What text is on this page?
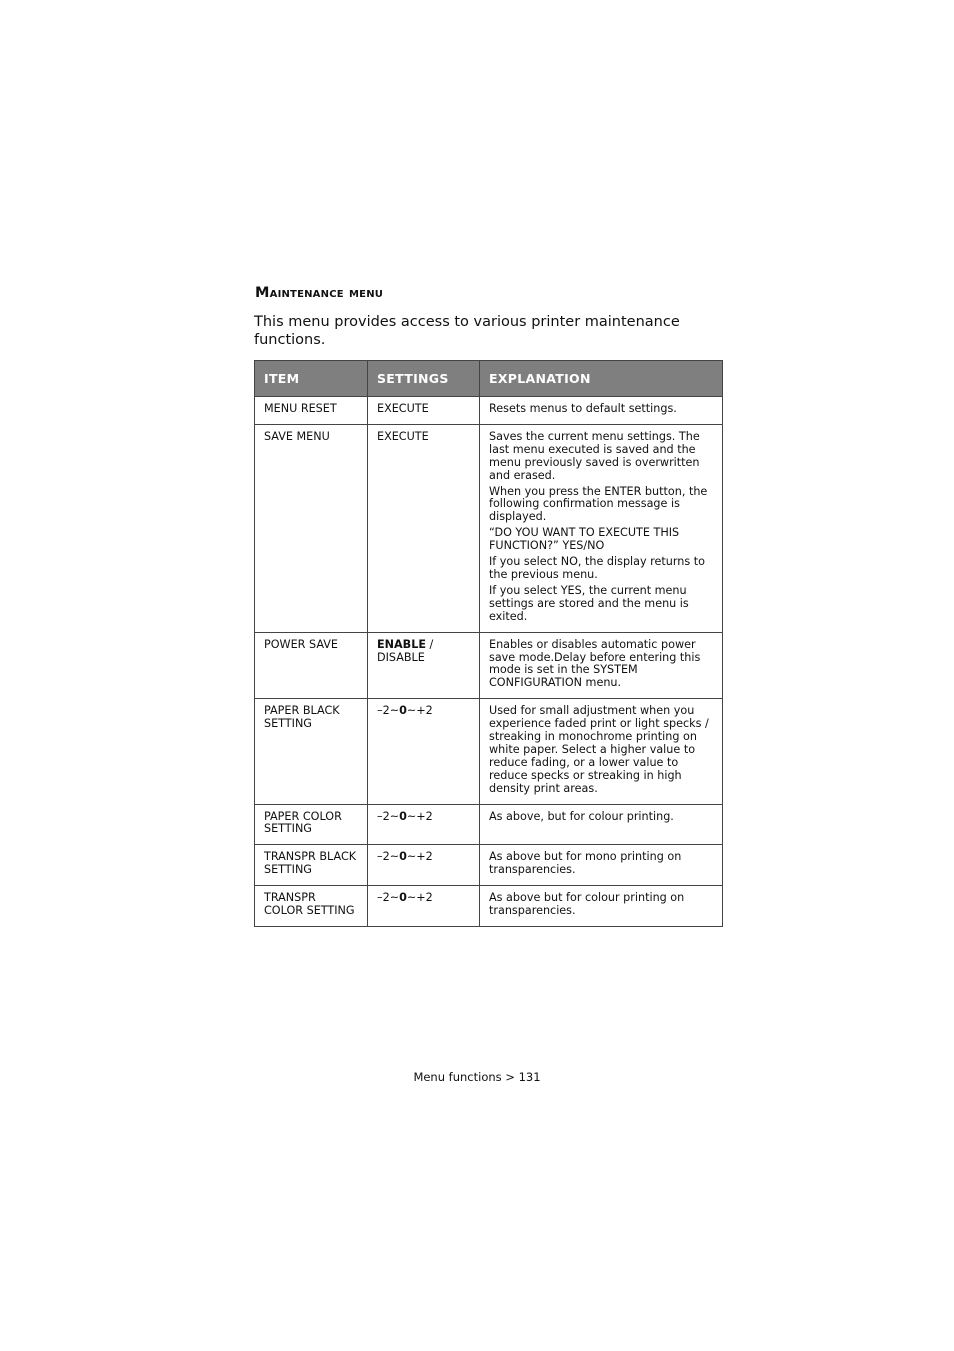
Maintenance menu

This menu provides access to various printer maintenance functions.

ITEM	SETTINGS	EXPLANATION
MENU RESET	EXECUTE	Resets menus to default settings.

SAVE MENU	EXECUTE	Saves the current menu settings. The last menu executed is saved and the menu previously saved is overwritten and erased.

When you press the ENTER button, the following confirmation message is displayed.

“DO YOU WANT TO EXECUTE THIS FUNCTION?” YES/NO

If you select NO, the display returns to the previous menu.

If you select YES, the current menu settings are stored and the menu is exited.

POWER SAVE	ENABLE / DISABLE	Enables or disables automatic power save mode.Delay before entering this mode is set in the SYSTEM CONFIGURATION menu.

PAPER BLACK SETTING	–2~0~+2	Used for small adjustment when you experience faded print or light specks / streaking in monochrome printing on white paper. Select a higher value to reduce fading, or a lower value to reduce specks or streaking in high density print areas.

PAPER COLOR SETTING	–2~0~+2	As above, but for colour printing.

TRANSPR BLACK SETTING	–2~0~+2	As above but for mono printing on transparencies.

TRANSPR COLOR SETTING	–2~0~+2	As above but for colour printing on transparencies.

Menu functions > 131
